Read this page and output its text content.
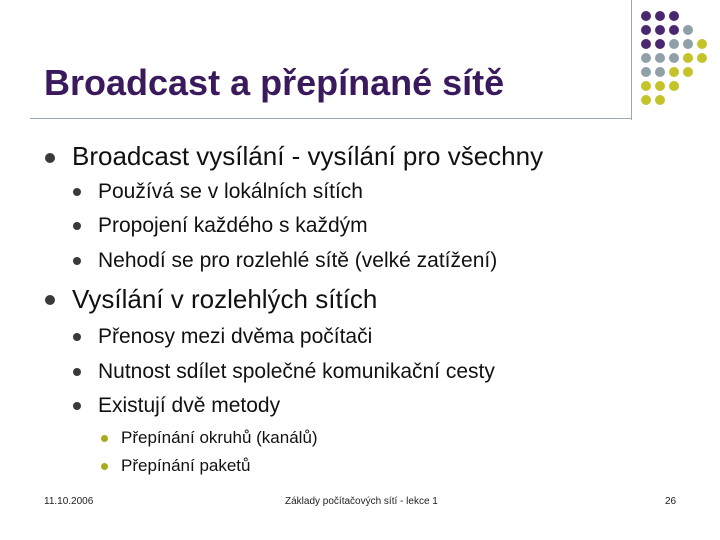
Broadcast a přepínané sítě
Broadcast vysílání - vysílání pro všechny
Používá se v lokálních sítích
Propojení každého s každým
Nehodí se pro rozlehlé sítě (velké zatížení)
Vysílání v rozlehlých sítích
Přenosy mezi dvěma počítači
Nutnost sdílet společné komunikační cesty
Existují dvě metody
Přepínání okruhů (kanálů)
Přepínání paketů
11.10.2006	Základy počítačových sítí - lekce 1	26
